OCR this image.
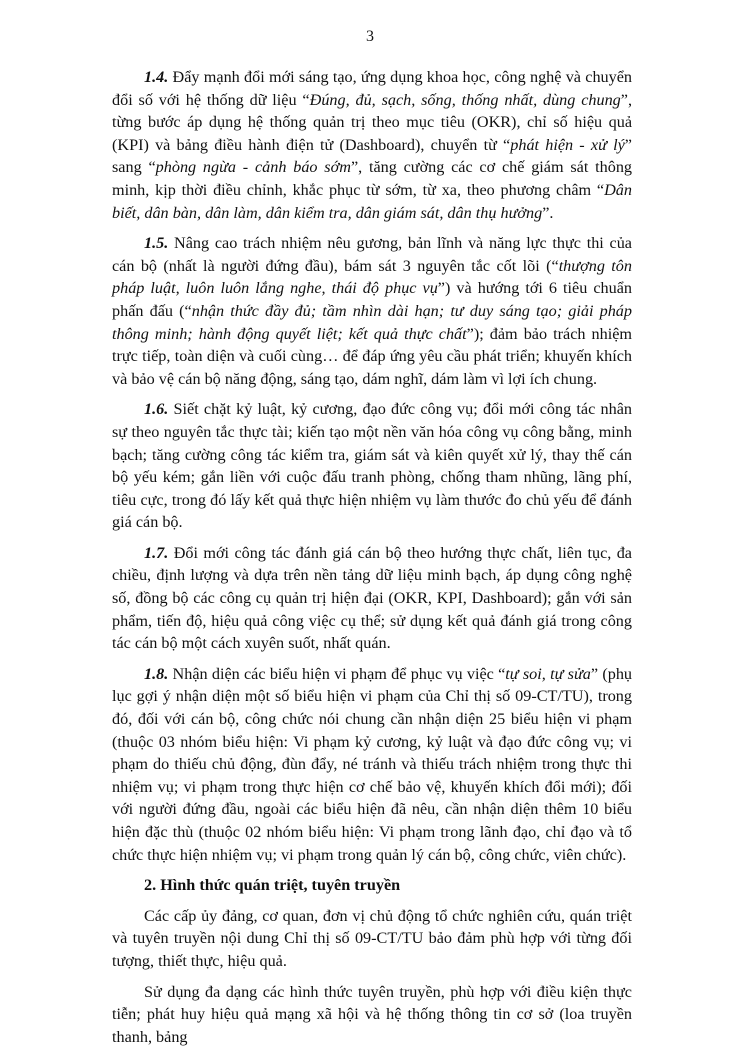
3

1.4. Đẩy mạnh đổi mới sáng tạo, ứng dụng khoa học, công nghệ và chuyển đổi số với hệ thống dữ liệu “Đúng, đủ, sạch, sống, thống nhất, dùng chung”, từng bước áp dụng hệ thống quản trị theo mục tiêu (OKR), chỉ số hiệu quả (KPI) và bảng điều hành điện tử (Dashboard), chuyển từ “phát hiện - xử lý” sang “phòng ngừa - cảnh báo sớm”, tăng cường các cơ chế giám sát thông minh, kịp thời điều chỉnh, khắc phục từ sớm, từ xa, theo phương châm “Dân biết, dân bàn, dân làm, dân kiểm tra, dân giám sát, dân thụ hưởng”.

1.5. Nâng cao trách nhiệm nêu gương, bản lĩnh và năng lực thực thi của cán bộ (nhất là người đứng đầu), bám sát 3 nguyên tắc cốt lõi (“thượng tôn pháp luật, luôn luôn lắng nghe, thái độ phục vụ”) và hướng tới 6 tiêu chuẩn phấn đấu (“nhận thức đầy đủ; tầm nhìn dài hạn; tư duy sáng tạo; giải pháp thông minh; hành động quyết liệt; kết quả thực chất”); đảm bảo trách nhiệm trực tiếp, toàn diện và cuối cùng… để đáp ứng yêu cầu phát triển; khuyến khích và bảo vệ cán bộ năng động, sáng tạo, dám nghĩ, dám làm vì lợi ích chung.

1.6. Siết chặt kỷ luật, kỷ cương, đạo đức công vụ; đổi mới công tác nhân sự theo nguyên tắc thực tài; kiến tạo một nền văn hóa công vụ công bằng, minh bạch; tăng cường công tác kiểm tra, giám sát và kiên quyết xử lý, thay thế cán bộ yếu kém; gắn liền với cuộc đấu tranh phòng, chống tham nhũng, lãng phí, tiêu cực, trong đó lấy kết quả thực hiện nhiệm vụ làm thước đo chủ yếu để đánh giá cán bộ.

1.7. Đổi mới công tác đánh giá cán bộ theo hướng thực chất, liên tục, đa chiều, định lượng và dựa trên nền tảng dữ liệu minh bạch, áp dụng công nghệ số, đồng bộ các công cụ quản trị hiện đại (OKR, KPI, Dashboard); gắn với sản phẩm, tiến độ, hiệu quả công việc cụ thể; sử dụng kết quả đánh giá trong công tác cán bộ một cách xuyên suốt, nhất quán.

1.8. Nhận diện các biểu hiện vi phạm để phục vụ việc “tự soi, tự sửa” (phụ lục gợi ý nhận diện một số biểu hiện vi phạm của Chỉ thị số 09-CT/TU), trong đó, đối với cán bộ, công chức nói chung cần nhận diện 25 biểu hiện vi phạm (thuộc 03 nhóm biểu hiện: Vi phạm kỷ cương, kỷ luật và đạo đức công vụ; vi phạm do thiếu chủ động, đùn đẩy, né tránh và thiếu trách nhiệm trong thực thi nhiệm vụ; vi phạm trong thực hiện cơ chế bảo vệ, khuyến khích đổi mới); đối với người đứng đầu, ngoài các biểu hiện đã nêu, cần nhận diện thêm 10 biểu hiện đặc thù (thuộc 02 nhóm biểu hiện: Vi phạm trong lãnh đạo, chỉ đạo và tổ chức thực hiện nhiệm vụ; vi phạm trong quản lý cán bộ, công chức, viên chức).

2. Hình thức quán triệt, tuyên truyền

Các cấp ủy đảng, cơ quan, đơn vị chủ động tổ chức nghiên cứu, quán triệt và tuyên truyền nội dung Chỉ thị số 09-CT/TU bảo đảm phù hợp với từng đối tượng, thiết thực, hiệu quả.

Sử dụng đa dạng các hình thức tuyên truyền, phù hợp với điều kiện thực tiễn; phát huy hiệu quả mạng xã hội và hệ thống thông tin cơ sở (loa truyền thanh, bảng
